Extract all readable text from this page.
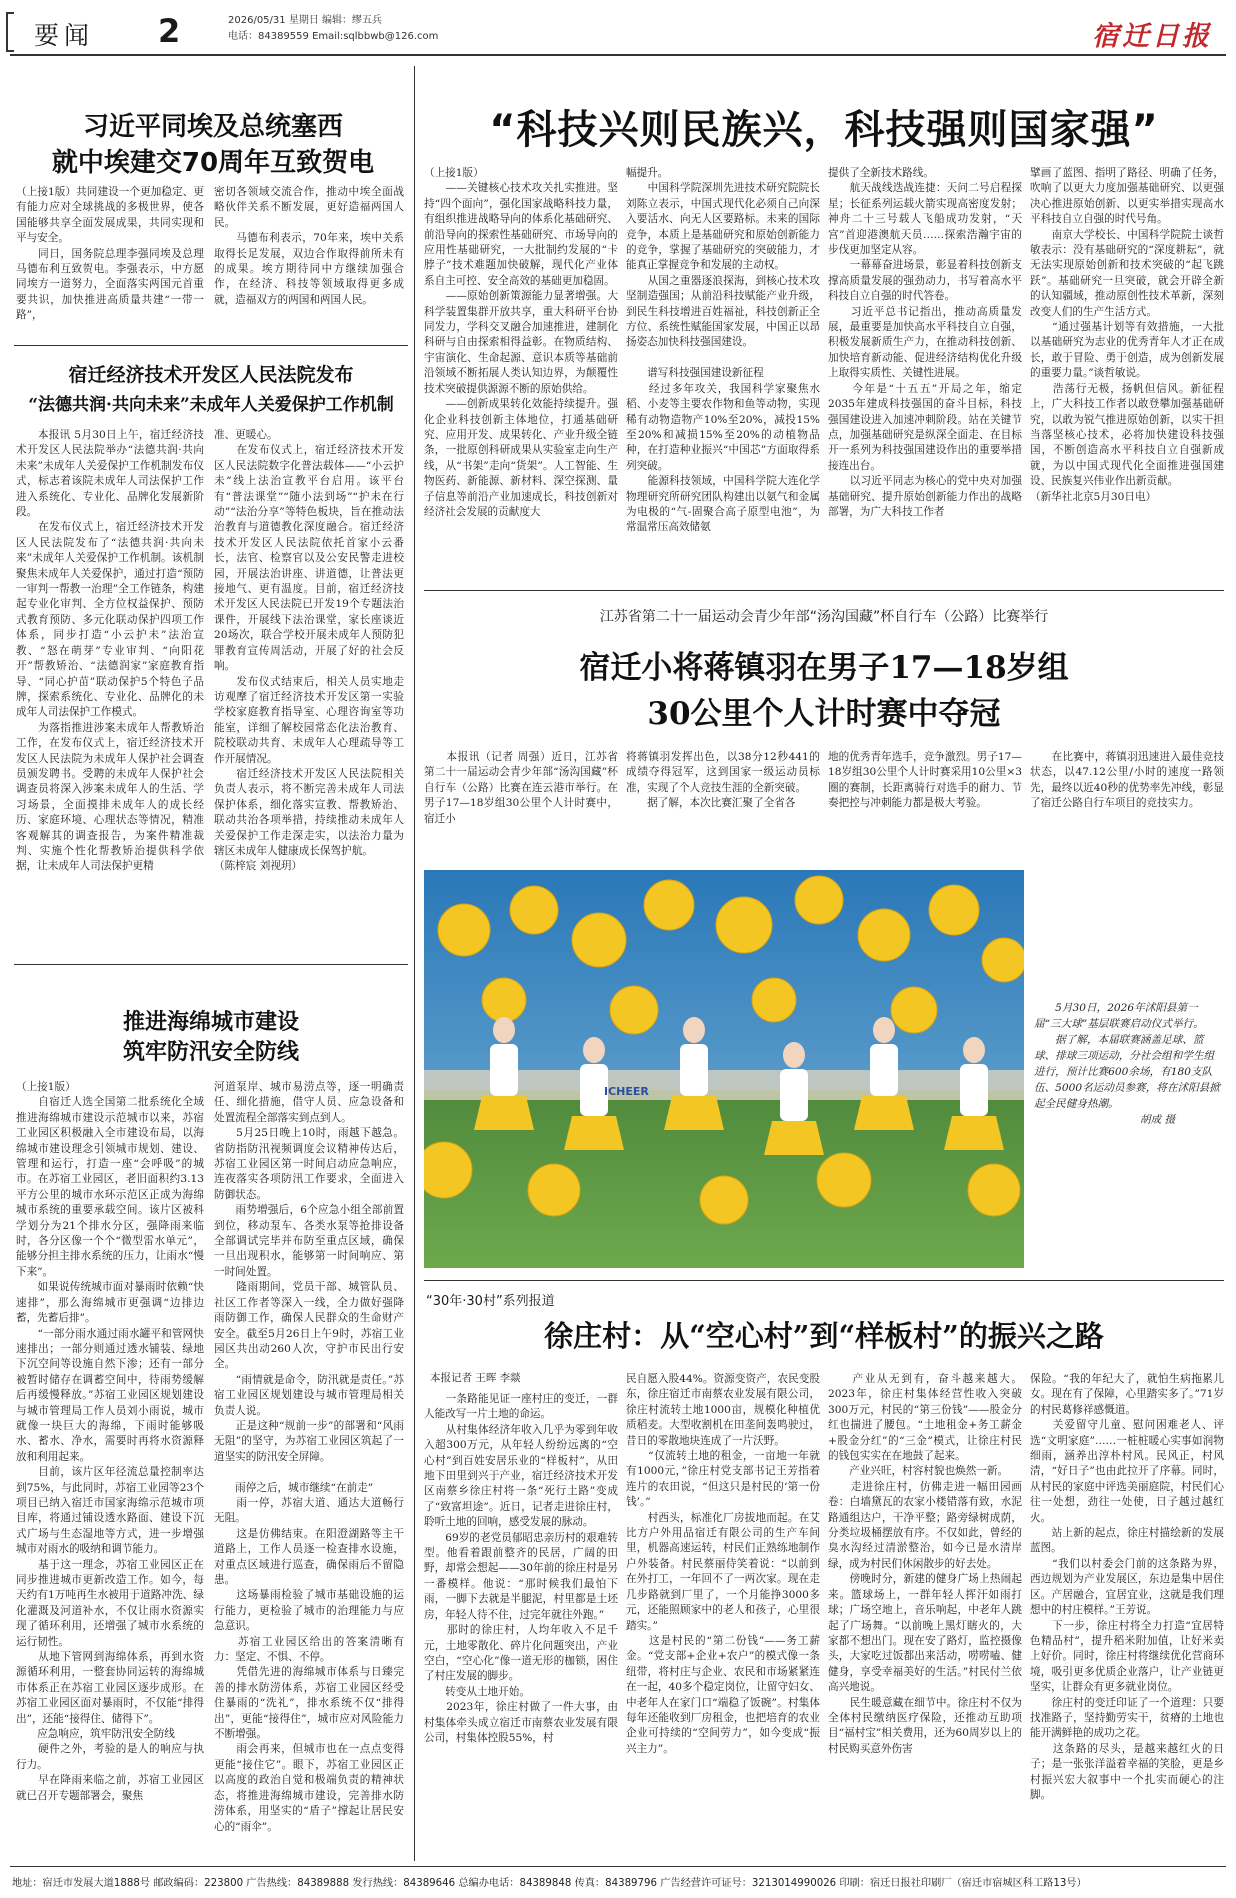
要闻 2	2026/05/31 星期日 编辑：缪五兵
电话：84389559 Email:sqlbbwb@126.com	宿迁日报
习近平同埃及总统塞西
就中埃建交70周年互致贺电
（上接1版）共同建设一个更加稳定、更有能力应对全球挑战的多极世界，使各国能够共享全面发展成果，共同实现和平与安全。
　　同日，国务院总理李强同埃及总理马德布利互致贺电。李强表示，中方愿同埃方一道努力，全面落实两国元首重要共识，加快推进高质量共建“一带一路”，
密切各领域交流合作，推动中埃全面战略伙伴关系不断发展，更好造福两国人民。
　　马德布利表示，70年来，埃中关系取得长足发展，双边合作取得前所未有的成果。埃方期待同中方继续加强合作，在经济、科技等领域取得更多成就，造福双方的两国和两国人民。
宿迁经济技术开发区人民法院发布
“法德共润·共向未来”未成年人关爱保护工作机制
　　本报讯 5月30日上午，宿迁经济技术开发区人民法院举办“法德共润·共向未来”未成年人关爱保护工作机制发布仪式，标志着该院未成年人司法保护工作进入系统化、专业化、品牌化发展新阶段。
　　在发布仪式上，宿迁经济技术开发区人民法院发布了“法德共润·共向未来”未成年人关爱保护工作机制。该机制聚焦未成年人关爱保护，通过打造“预防一审判一帮教一治理”全工作链条，构建起专业化审判、全方位权益保护、预防式教育预防、多元化联动保护四项工作体系，同步打造“小云护未”法治宣教、“怒在萌芽”专业审判、“向阳花开”帮教矫治、“法德润家”家庭教育指导、“同心护苗”联动保护5个特色子品牌，探索系统化、专业化、品牌化的未成年人司法保护工作模式。
　　为落指推进涉案未成年人帮教矫治工作，在发布仪式上，宿迁经济技术开发区人民法院为未成年人保护社会调查员颁发聘书。受聘的未成年人保护社会调查员将深入涉案未成年人的生活、学习场景，全面摸排未成年人的成长经历、家庭环境、心理状态等情况，精准客观解其的调查报告，为案件精准裁判、实施个性化帮教矫治提供科学依据，让未成年人司法保护更精
准、更暖心。
　　在发布仪式上，宿迁经济技术开发区人民法院数字化普法载体——“小云护未”线上法治宣教平台启用。该平台有“普法课堂”“随小法到场”“护未在行动”“法治分享”等特色板块，旨在推动法治教育与道德教化深度融合。宿迁经济技术开发区人民法院依托首家小云番长，法官、检察官以及公安民警走进校园，开展法治讲座、讲道德，让普法更接地气、更有温度。目前，宿迁经济技术开发区人民法院已开发19个专题法治课件，开展线下法治课堂，家长座谈近20场次，联合学校开展未成年人预防犯罪教育宣传周活动，开展了好的社会反响。
　　发布仪式结束后，相关人员实地走访观摩了宿迁经济技术开发区第一实验学校家庭教育指导室、心理咨询室等功能室，详细了解校园常态化法治教育、院校联动共育、未成年人心理疏导等工作开展情况。
　　宿迁经济技术开发区人民法院相关负责人表示，将不断完善未成年人司法保护体系，细化落实宣教、帮教矫治、联动共治各项举措，持续推动未成年人关爱保护工作走深走实，以法治力量为辖区未成年人健康成长保驾护航。
（陈梓宸 刘视玥）
推进海绵城市建设
筑牢防汛安全防线
（上接1版）
　　自宿迁人选全国第二批系统化全域推进海绵城市建设示范城市以来，苏宿工业园区积极融入全市建设布局，以海绵城市建设理念引领城市规划、建设、管理和运行，打造一座“会呼吸”的城市。在苏宿工业园区，老旧面积约3.13平方公里的城市水环示范区正成为海绵城市系统的重要承载空间。该片区被科学划分为21个排水分区，强降雨来临时，各分区像一个个“微型雷水单元”，能够分担主排水系统的压力，让雨水“慢下来”。
　　如果说传统城市面对暴雨时依赖“快速排”，那么海绵城市更强调“边排边蓄，先蓄后排”。
　　“一部分雨水通过雨水罐平和管网快速排出；一部分则通过透水铺装、绿地下沉空间等设施自然下渗；还有一部分被暂时储存在调蓄空间中，待雨势缓解后再缓慢释放。”苏宿工业园区规划建设与城市管理局工作人员刘小雨说，城市就像一块巨大的海绵，下雨时能够吸水、蓄水、净水，需要时再将水资源释放和利用起来。
　　目前，该片区年径流总量控制率达到75%，与此同时，苏宿工业园等23个项目已纳入宿迁市国家海绵示范城市项目库，将通过铺设透水路面、建设下沉式广场与生态湿地等方式，进一步增强城市对雨水的吸纳和调节能力。
　　基于这一理念，苏宿工业园区正在同步推进城市更新改造工作。如今，每天约有1万吨再生水被用于道路冲洗、绿化灌溉及河道补水，不仅让雨水资源实现了循环利用，还增强了城市水系统的运行韧性。
　　从地下管网到海绵体系，再到水资源循环利用，一整套协同运转的海绵城市体系正在苏宿工业园区逐步成形。在苏宿工业园区面对暴雨时，不仅能“排得出”，还能“接得住、储得下”。
　　应急响应，筑牢防汛安全防线
　　硬件之外，考验的是人的响应与执行力。
　　早在降雨来临之前，苏宿工业园区就已召开专题部署会，聚焦
河道泵岸、城市易涝点等，逐一明确责任、细化措施，借守人员、应急设备和处置流程全部落实到点到人。
　　5月25日晚上10时，雨越下越急。省防指防汛视频调度会议精神传达后，苏宿工业园区第一时间启动应急响应，连夜落实各项防汛工作要求，全面进入防御状态。
　　雨势增强后，6个应急小组全部前置到位，移动泵车、各类水泵等抢排设备全部调试完毕并布防至重点区域，确保一旦出现积水，能够第一时间响应、第一时间处置。
　　隆雨期间，党员干部、城管队员、社区工作者等深入一线，全力做好强降雨防御工作，确保人民群众的生命财产安全。截至5月26日上午9时，苏宿工业园区共出动260人次，守护市民出行安全。
　　“雨情就是命令，防汛就是责任。”苏宿工业园区规划建设与城市管理局相关负责人说。
　　正是这种“规前一步”的部署和“风雨无阻”的坚守，为苏宿工业园区筑起了一道坚实的防汛安全屏障。

　　雨停之后，城市继续“在前走”
　　雨一停，苏宿大道、通达大道畅行无阻。
　　这是仿佛结束。在阳澄湖路等主干道路上，工作人员逐一检查排水设施，对重点区域进行巡查，确保雨后不留隐患。
　　这场暴雨检验了城市基础设施的运行能力，更检验了城市的治理能力与应急意识。
　　苏宿工业园区给出的答案清晰有力：坚定、不惧、不停。
　　凭借先进的海绵城市体系与日臻完善的排水防涝体系，苏宿工业园区经受住暴雨的“洗礼”，排水系统不仅“排得出”，更能“接得住”，城市应对风险能力不断增强。
　　雨会再来，但城市也在一点点变得更能“接住它”。眼下，苏宿工业园区正以高度的政治自觉和极端负责的精神状态，将推进海绵城市建设，完善排水防涝体系，用坚实的“盾子”撑起让居民安心的“雨伞”。
“科技兴则民族兴，科技强则国家强”
（上接1版）
　　——关键核心技术攻关扎实推进。坚持“四个面向”，强化国家战略科技力量，有组织推进战略导向的体系化基础研究、前沿导向的探索性基础研究、市场导向的应用性基础研究，一大批制约发展的“卡脖子”技术难题加快破解，现代化产业体系自主可控、安全高效的基础更加稳固。
　　——原始创新策源能力显著增强。大科学装置集群开放共享，重大科研平台协同发力，学科交叉融合加速推进，建制化科研与自由探索相得益彰。在物质结构、宇宙演化、生命起源、意识本质等基础前沿领域不断拓展人类认知边界，为颠覆性技术突破提供源源不断的原始供给。
　　——创新成果转化效能持续提升。强化企业科技创新主体地位，打通基础研究、应用开发、成果转化、产业升级全链条，一批原创科研成果从实验室走向生产线，从“书架”走向“货架”。人工智能、生物医药、新能源、新材料、深空探测、量子信息等前沿产业加速成长，科技创新对经济社会发展的贡献度大
幅提升。
　　中国科学院深圳先进技术研究院院长刘陈立表示，中国式现代化必须自己向深入要活水、向无人区要路标。未来的国际竞争，本质上是基础研究和原始创新能力的竞争，掌握了基础研究的突破能力，才能真正掌握竞争和发展的主动权。
　　从国之重器逐浪探海，到核心技术攻坚制造强国；从前沿科技赋能产业升级，到民生科技增进百姓福祉，科技创新正全方位、系统性赋能国家发展，中国正以昂扬姿态加快科技强国建设。

　　谱写科技强国建设新征程
　　经过多年攻关，我国科学家聚焦水稻、小麦等主要农作物和鱼等动物，实现稀有动物造物产10%至20%，减投15%至20%和减损15%至20%的动植物品种，在打造种业振兴“中国芯”方面取得系列突破。
　　能源科技领域，中国科学院大连化学物理研究所研究团队构建出以氨气和金属为电极的“气-固聚合高子原型电池”，为常温常压高效储氨
提供了全新技术路线。
　　航天战线迭战连捷：天问二号启程探星；长征系列运载火箭实现高密度发射；神舟二十三号载人飞船成功发射，“天宫”首迎港澳航天员……探索浩瀚宇宙的步伐更加坚定从容。
　　一幕幕奋进场景，彰显着科技创新支撑高质量发展的强劲动力，书写着高水平科技自立自强的时代答卷。
　　习近平总书记指出，推动高质量发展，最重要是加快高水平科技自立自强，积极发展新质生产力，在推动科技创新、加快培育新动能、促进经济结构优化升级上取得实质性、关键性进展。
　　今年是“十五五”开局之年，缩定2035年建成科技强国的奋斗目标，科技强国建设进入加速冲刺阶段。站在关键节点，加强基础研究是纵深全面走、在目标开一系列为科技强国建设作出的重要举措接连出台。
　　以习近平同志为核心的党中央对加强基础研究、提升原始创新能力作出的战略部署，为广大科技工作者
擘画了蓝图、指明了路径、明确了任务，吹响了以更大力度加强基础研究、以更强决心推进原始创新、以更实举措实现高水平科技自立自强的时代号角。
　　南京大学校长、中国科学院院士谈哲敏表示：没有基础研究的“深度耕耘”，就无法实现原始创新和技术突破的“起飞跳跃”。基础研究一旦突破，就会开辟全新的认知疆域，推动原创性技术革新，深刻改变人们的生产生活方式。
　　“通过强基计划等有效措施，一大批以基础研究为志业的优秀青年人才正在成长，敢于冒险、勇于创造，成为创新发展的重要力量。”谈哲敏说。
　　浩荡行无极，扬帆但信风。新征程上，广大科技工作者以敢登攀加强基础研究，以敢为锐气推进原始创新，以实干担当落坚核心技术，必将加快建设科技强国，不断创造高水平科技自立自强新成就，为以中国式现代化全面推进强国建设、民族复兴伟业作出新贡献。
（新华社北京5月30日电）
江苏省第二十一届运动会青少年部“汤沟国藏”杯自行车（公路）比赛举行
宿迁小将蒋镇羽在男子17—18岁组
30公里个人计时赛中夺冠
　　本报讯（记者 周强）近日，江苏省第二十一届运动会青少年部“汤沟国藏”杯自行车（公路）比赛在连云港市举行。在男子17—18岁组30公里个人计时赛中，宿迁小
将蒋镇羽发挥出色，以38分12秒441的成绩夺得冠军，这到国家一级运动员标准，实现了个人竞技生涯的全新突破。
　　据了解，本次比赛汇聚了全省各
地的优秀青年选手，竞争激烈。男子17—18岁组30公里个人计时赛采用10公里×3圈的赛制，长距离骑行对选手的耐力、节奏把控与冲刺能力都是极大考验。
　　在比赛中，蒋镇羽迅速进入最佳竞技状态，以47.12公里/小时的速度一路领先，最终以近40秒的优势率先冲线，彰显了宿迁公路自行车项目的竞技实力。
ICHEER
　　5月30日，2026年沭阳县第一届“三大球”基层联赛启动仪式举行。
　　据了解，本届联赛涵盖足球、篮球、排球三项运动，分社会组和学生组进行，预计比赛600余场，有180支队伍、5000名运动员参赛，将在沭阳县掀起全民健身热潮。
　　　　　　　　　　胡成 摄
“30年·30村”系列报道
徐庄村：从“空心村”到“样板村”的振兴之路
本报记者 王晖 李燚
　　一条路能见证一座村庄的变迁，一群人能改写一片土地的命运。
　　从村集体经济年收入几乎为零到年收入超300万元，从年轻人纷纷远离的“空心村”到百姓安居乐业的“样板村”，从田地下田里到兴于产业，宿迁经济技术开发区南蔡乡徐庄村将一条“死行土路”变成了“致富坦途”。近日，记者走进徐庄村，聆听土地的回响，感受发展的脉动。
　　69岁的老党员郁昭忠亲历村的艰难转型。他看着跟前整齐的民居，广阔的田野，却常会想起——30年前的徐庄村是另一番模样。他说：“那时候我们最怕下雨，一脚下去就是半腿泥，村里都是土坯房，年轻人待不住，过完年就往外跑。”
　　那时的徐庄村，人均年收入不足千元，土地零散化、碎片化问题突出，产业空白，“空心化”像一道无形的枷锁，困住了村庄发展的脚步。
　　转变从土地开始。
　　2023年，徐庄村做了一件大事，由村集体牵头成立宿迁市南蔡农业发展有限公司，村集体控股55%，村
民自愿入股44%。资源变资产，农民变股东，徐庄宿迁市南蔡农业发展有限公司，徐庄村流转土地1000亩，规模化种植优质稻麦。大型收割机在田垄间轰鸣驶过，昔日的零散地块连成了一片沃野。
　　“仅流转土地的租金，一亩地一年就有1000元，”徐庄村党支部书记王芳指着连片的农田说，“但这只是村民的‘第一份钱’。”
　　村西头，标准化厂房拔地而起。在艾比方户外用品宿迁有限公司的生产车间里，机器高速运转，村民们正熟练地制作户外装备。村民蔡丽侍笑着说：“以前到在外打工，一年回不了一两次家。现在走几步路就到厂里了，一个月能挣3000多元，还能照顾家中的老人和孩子，心里很踏实。”
　　这是村民的“第二份钱”——务工薪金。“党支部+企业+农户”的模式像一条纽带，将村庄与企业、农民和市场紧紧连在一起，40多个稳定岗位，让留守妇女、中老年人在家门口“端稳了饭碗”。村集体每年还能收到厂房租金，也把培育的农业企业可持续的“空间劳力”，如今变成“振兴主力”。
　　产业从无到有，奋斗越来越大。2023年，徐庄村集体经营性收入突破300万元，村民的“第三份钱”——股金分红也揣进了腰包。“土地租金+务工薪金+股金分红”的“三金”模式，让徐庄村民的钱包实实在在地鼓了起来。
　　产业兴旺，村容村貌也焕然一新。
　　走进徐庄村，仿佛走进一幅田园画卷：白墙黛瓦的农家小楼错落有致，水泥路通组达户，干净平整；路旁绿树成荫，分类垃圾桶摆放有序。不仅如此，曾经的臭水沟经过清淤整治，如今已是水清岸绿，成为村民们休闲散步的好去处。
　　傍晚时分，新建的健身广场上热闹起来。篮球场上，一群年轻人挥汗如雨打球；广场空地上，音乐响起，中老年人跳起了广场舞。“以前晚上黑灯瞎火的，大家都不想出门。现在安了路灯，监控摄像头，大家吃过饭都出来活动，唠唠嗑、健健身，享受幸福美好的生活。”村民付兰依高兴地说。
　　民生暖意藏在细节中。徐庄村不仅为全体村民缴纳医疗保险，还推动互助项目“福村宝”相关费用，还为60周岁以上的村民购买意外伤害
保险。“我的年纪大了，就怕生病拖累儿女。现在有了保障，心里踏实多了。”71岁的村民葛修祥感慨道。
　　关爱留守儿童、慰问困难老人、评选“文明家庭”……一桩桩暖心实事如润物细雨，涵养出淳朴村风。民风正，村风清，“好日子”也由此拉开了序幕。同时，从村民的家庭中评选美丽庭院，村民们心往一处想，劲往一处使，日子越过越红火。
　　站上新的起点，徐庄村描绘新的发展蓝图。
　　“我们以村委会门前的这条路为界，西边规划为产业发展区，东边是集中居住区。产居融合，宜居宜业，这就是我们理想中的村庄模样。”王芳说。
　　下一步，徐庄村将全力打造“宜居特色精品村”，提升稻米附加值，让好米卖上好价。同时，徐庄村将继续优化营商环境，吸引更多优质企业落户，让产业链更坚实，让群众有更多就业岗位。
　　徐庄村的变迁印证了一个道理：只要找准路子，坚持勤劳实干，贫瘠的土地也能开满鲜艳的成功之花。
　　这条路的尽头，是越来越红火的日子；是一张张洋溢着幸福的笑脸，更是乡村振兴宏大叙事中一个扎实而硬心的注脚。
地址：宿迁市发展大道1888号 邮政编码：223800 广告热线：84389888 发行热线：84389646 总编办电话：84389848 传真：84389796 广告经营许可证号：3213014990026 印刷：宿迁日报社印刷厂（宿迁市宿城区科工路13号）
